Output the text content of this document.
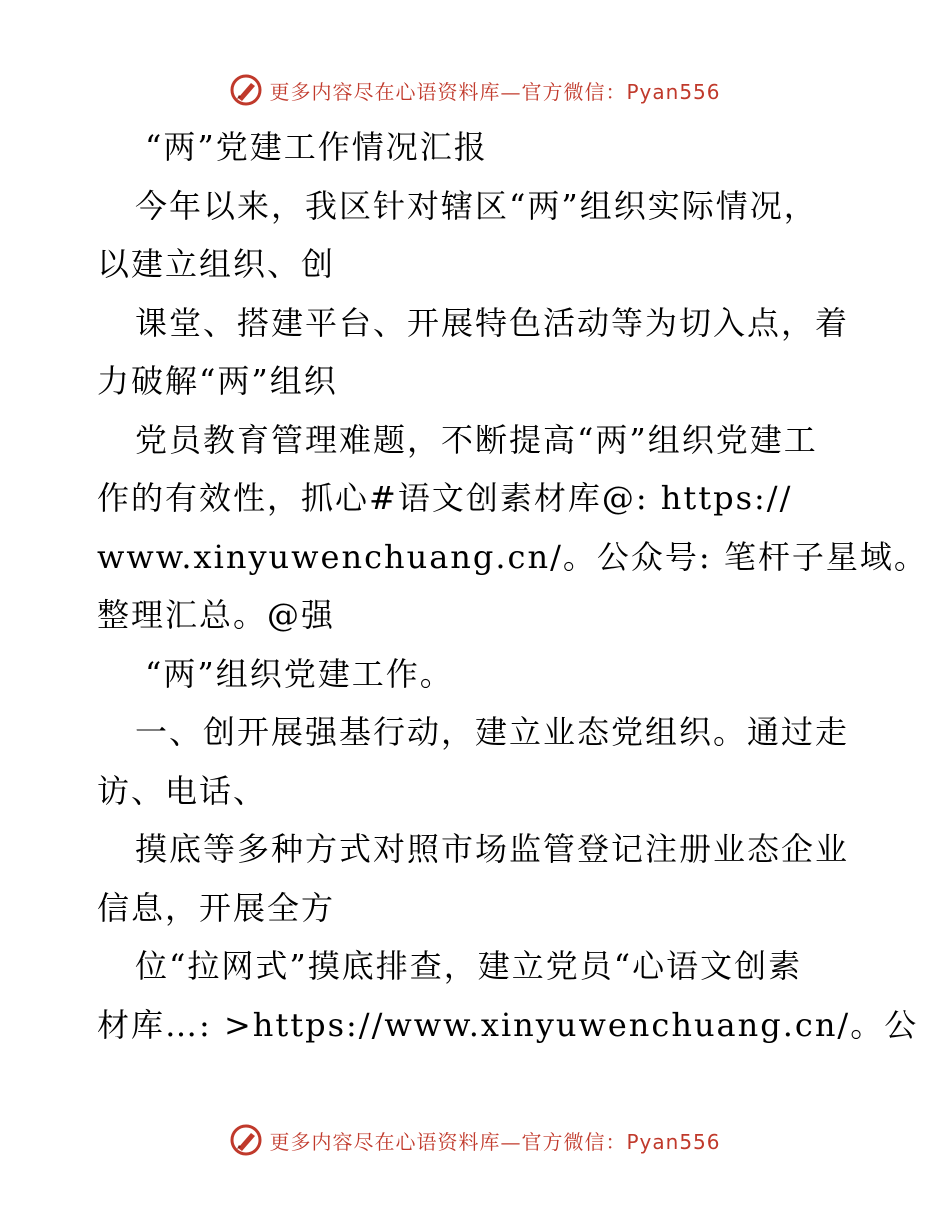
更多内容尽在心语资料库—官方微信：Pyan556
“两”党建工作情况汇报
今年以来，我区针对辖区“两”组织实际情况，
以建立组织、创
课堂、搭建平台、开展特色活动等为切入点，着
力破解“两”组织
党员教育管理难题，不断提高“两”组织党建工
作的有效性，抓心#语文创素材库@: https://
www.xinyuwenchuang.cn/。公众号: 笔杆子星域。
整理汇总。@强
“两”组织党建工作。
一、创开展强基行动，建立业态党组织。通过走
访、电话、
摸底等多种方式对照市场监管登记注册业态企业
信息，开展全方
位“拉网式”摸底排查，建立党员“心语文创素
材库…: >https://www.xinyuwenchuang.cn/。公
更多内容尽在心语资料库—官方微信：Pyan556
